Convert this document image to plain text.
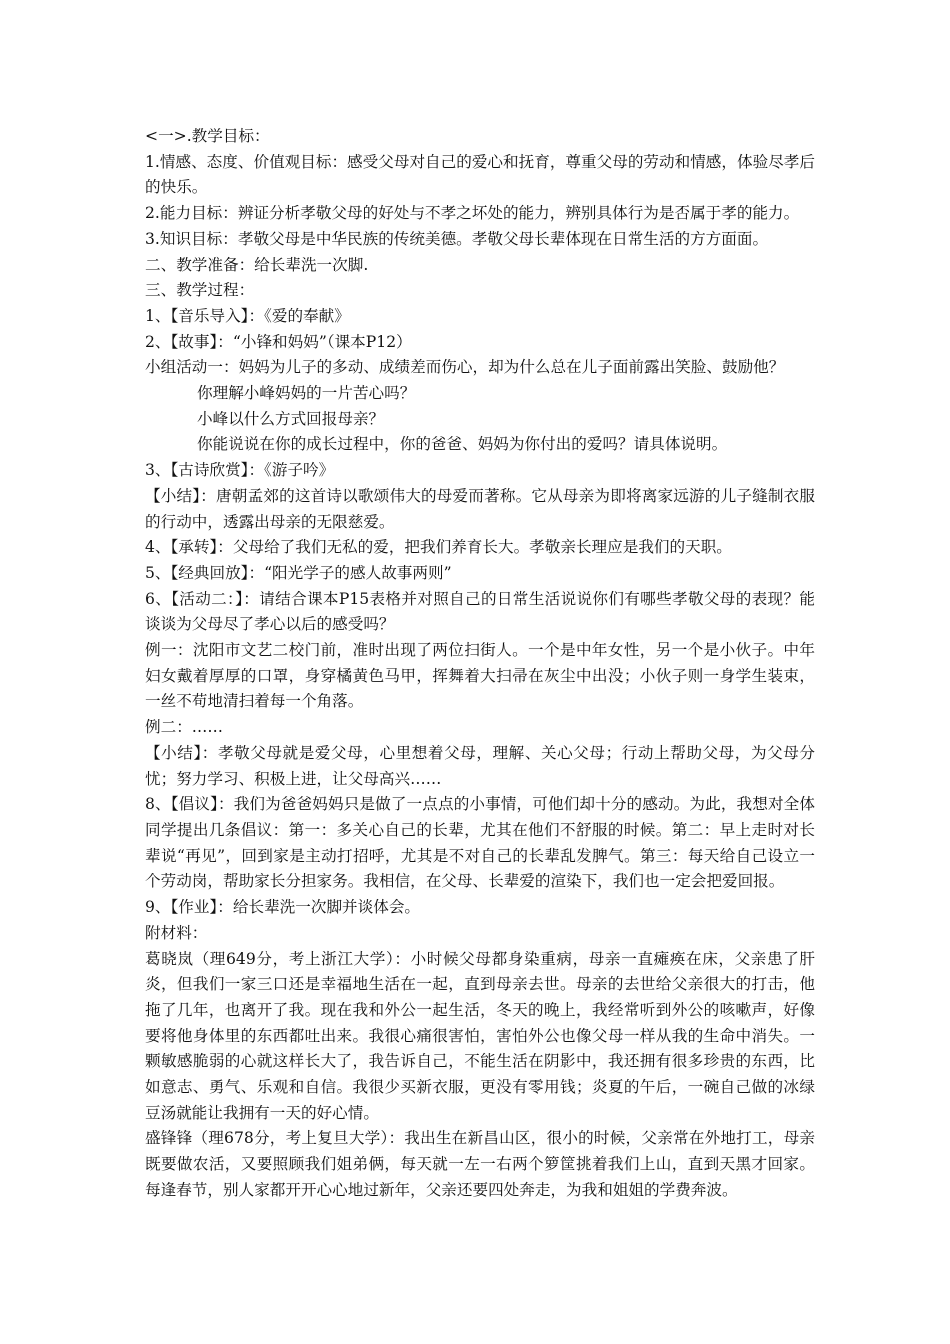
<一>.教学目标：
1.情感、态度、价值观目标：感受父母对自己的爱心和抚育，尊重父母的劳动和情感，体验尽孝后的快乐。
2.能力目标：辨证分析孝敬父母的好处与不孝之坏处的能力，辨别具体行为是否属于孝的能力。
3.知识目标：孝敬父母是中华民族的传统美德。孝敬父母长辈体现在日常生活的方方面面。
二、教学准备：给长辈洗一次脚.
三、教学过程：
1、【音乐导入】：《爱的奉献》
2、【故事】：“小锋和妈妈”（课本P12）
小组活动一：妈妈为儿子的多动、成绩差而伤心，却为什么总在儿子面前露出笑脸、鼓励他？
你理解小峰妈妈的一片苦心吗？
小峰以什么方式回报母亲？
你能说说在你的成长过程中，你的爸爸、妈妈为你付出的爱吗？请具体说明。
3、【古诗欣赏】：《游子吟》
【小结】：唐朝孟郊的这首诗以歌颂伟大的母爱而著称。它从母亲为即将离家远游的儿子缝制衣服的行动中，透露出母亲的无限慈爱。
4、【承转】：父母给了我们无私的爱，把我们养育长大。孝敬亲长理应是我们的天职。
5、【经典回放】：“阳光学子的感人故事两则”
6、【活动二：】：请结合课本P15表格并对照自己的日常生活说说你们有哪些孝敬父母的表现？能谈谈为父母尽了孝心以后的感受吗？
例一：沈阳市文艺二校门前，准时出现了两位扫街人。一个是中年女性，另一个是小伙子。中年妇女戴着厚厚的口罩，身穿橘黄色马甲，挥舞着大扫帚在灰尘中出没；小伙子则一身学生装束，一丝不苟地清扫着每一个角落。
例二：……
【小结】：孝敬父母就是爱父母，心里想着父母，理解、关心父母；行动上帮助父母，为父母分忧；努力学习、积极上进，让父母高兴……
8、【倡议】：我们为爸爸妈妈只是做了一点点的小事情，可他们却十分的感动。为此，我想对全体同学提出几条倡议：第一：多关心自己的长辈，尤其在他们不舒服的时候。第二：早上走时对长辈说“再见”，回到家是主动打招呼，尤其是不对自己的长辈乱发脾气。第三：每天给自己设立一个劳动岗，帮助家长分担家务。我相信，在父母、长辈爱的渲染下，我们也一定会把爱回报。
9、【作业】：给长辈洗一次脚并谈体会。
附材料：
葛晓岚（理649分，考上浙江大学）：小时候父母都身染重病，母亲一直瘫痪在床，父亲患了肝炎，但我们一家三口还是幸福地生活在一起，直到母亲去世。母亲的去世给父亲很大的打击，他拖了几年，也离开了我。现在我和外公一起生活，冬天的晚上，我经常听到外公的咳嗽声，好像要将他身体里的东西都吐出来。我很心痛很害怕，害怕外公也像父母一样从我的生命中消失。一颗敏感脆弱的心就这样长大了，我告诉自己，不能生活在阴影中，我还拥有很多珍贵的东西，比如意志、勇气、乐观和自信。我很少买新衣服，更没有零用钱；炎夏的午后，一碗自己做的冰绿豆汤就能让我拥有一天的好心情。
盛锋锋（理678分，考上复旦大学）：我出生在新昌山区，很小的时候，父亲常在外地打工，母亲既要做农活，又要照顾我们姐弟俩，每天就一左一右两个箩筐挑着我们上山，直到天黑才回家。每逢春节，别人家都开开心心地过新年，父亲还要四处奔走，为我和姐姐的学费奔波。
